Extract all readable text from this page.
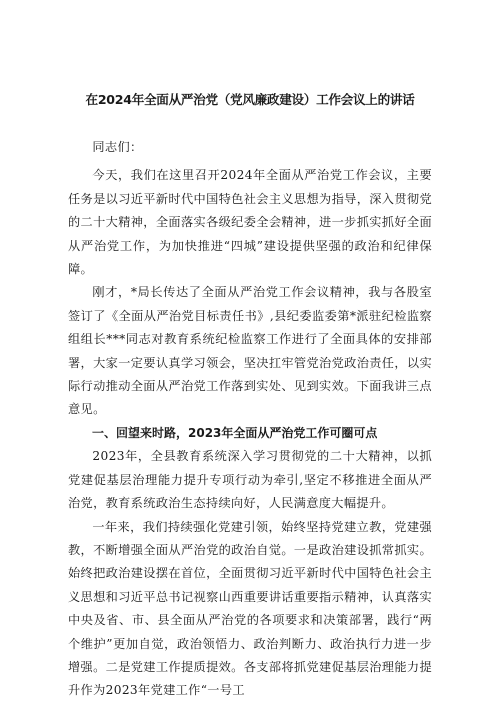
在2024年全面从严治党（党风廉政建设）工作会议上的讲话

同志们：

今天，我们在这里召开2024年全面从严治党工作会议，主要任务是以习近平新时代中国特色社会主义思想为指导，深入贯彻党的二十大精神，全面落实各级纪委全会精神，进一步抓实抓好全面从严治党工作，为加快推进“四城”建设提供坚强的政治和纪律保障。

刚才，*局长传达了全面从严治党工作会议精神，我与各股室签订了《全面从严治党目标责任书》,县纪委监委第*派驻纪检监察组组长***同志对教育系统纪检监察工作进行了全面具体的安排部署，大家一定要认真学习领会，坚决扛牢管党治党政治责任，以实际行动推动全面从严治党工作落到实处、见到实效。下面我讲三点意见。

一、回望来时路，2023年全面从严治党工作可圈可点

2023年，全县教育系统深入学习贯彻党的二十大精神，以抓党建促基层治理能力提升专项行动为牵引,坚定不移推进全面从严治党，教育系统政治生态持续向好，人民满意度大幅提升。

一年来，我们持续强化党建引领，始终坚持党建立教，党建强教，不断增强全面从严治党的政治自觉。一是政治建设抓常抓实。始终把政治建设摆在首位，全面贯彻习近平新时代中国特色社会主义思想和习近平总书记视察山西重要讲话重要指示精神，认真落实中央及省、市、县全面从严治党的各项要求和决策部署，践行“两个维护”更加自觉，政治领悟力、政治判断力、政治执行力进一步增强。二是党建工作提质提效。各支部将抓党建促基层治理能力提升作为2023年党建工作“一号工
